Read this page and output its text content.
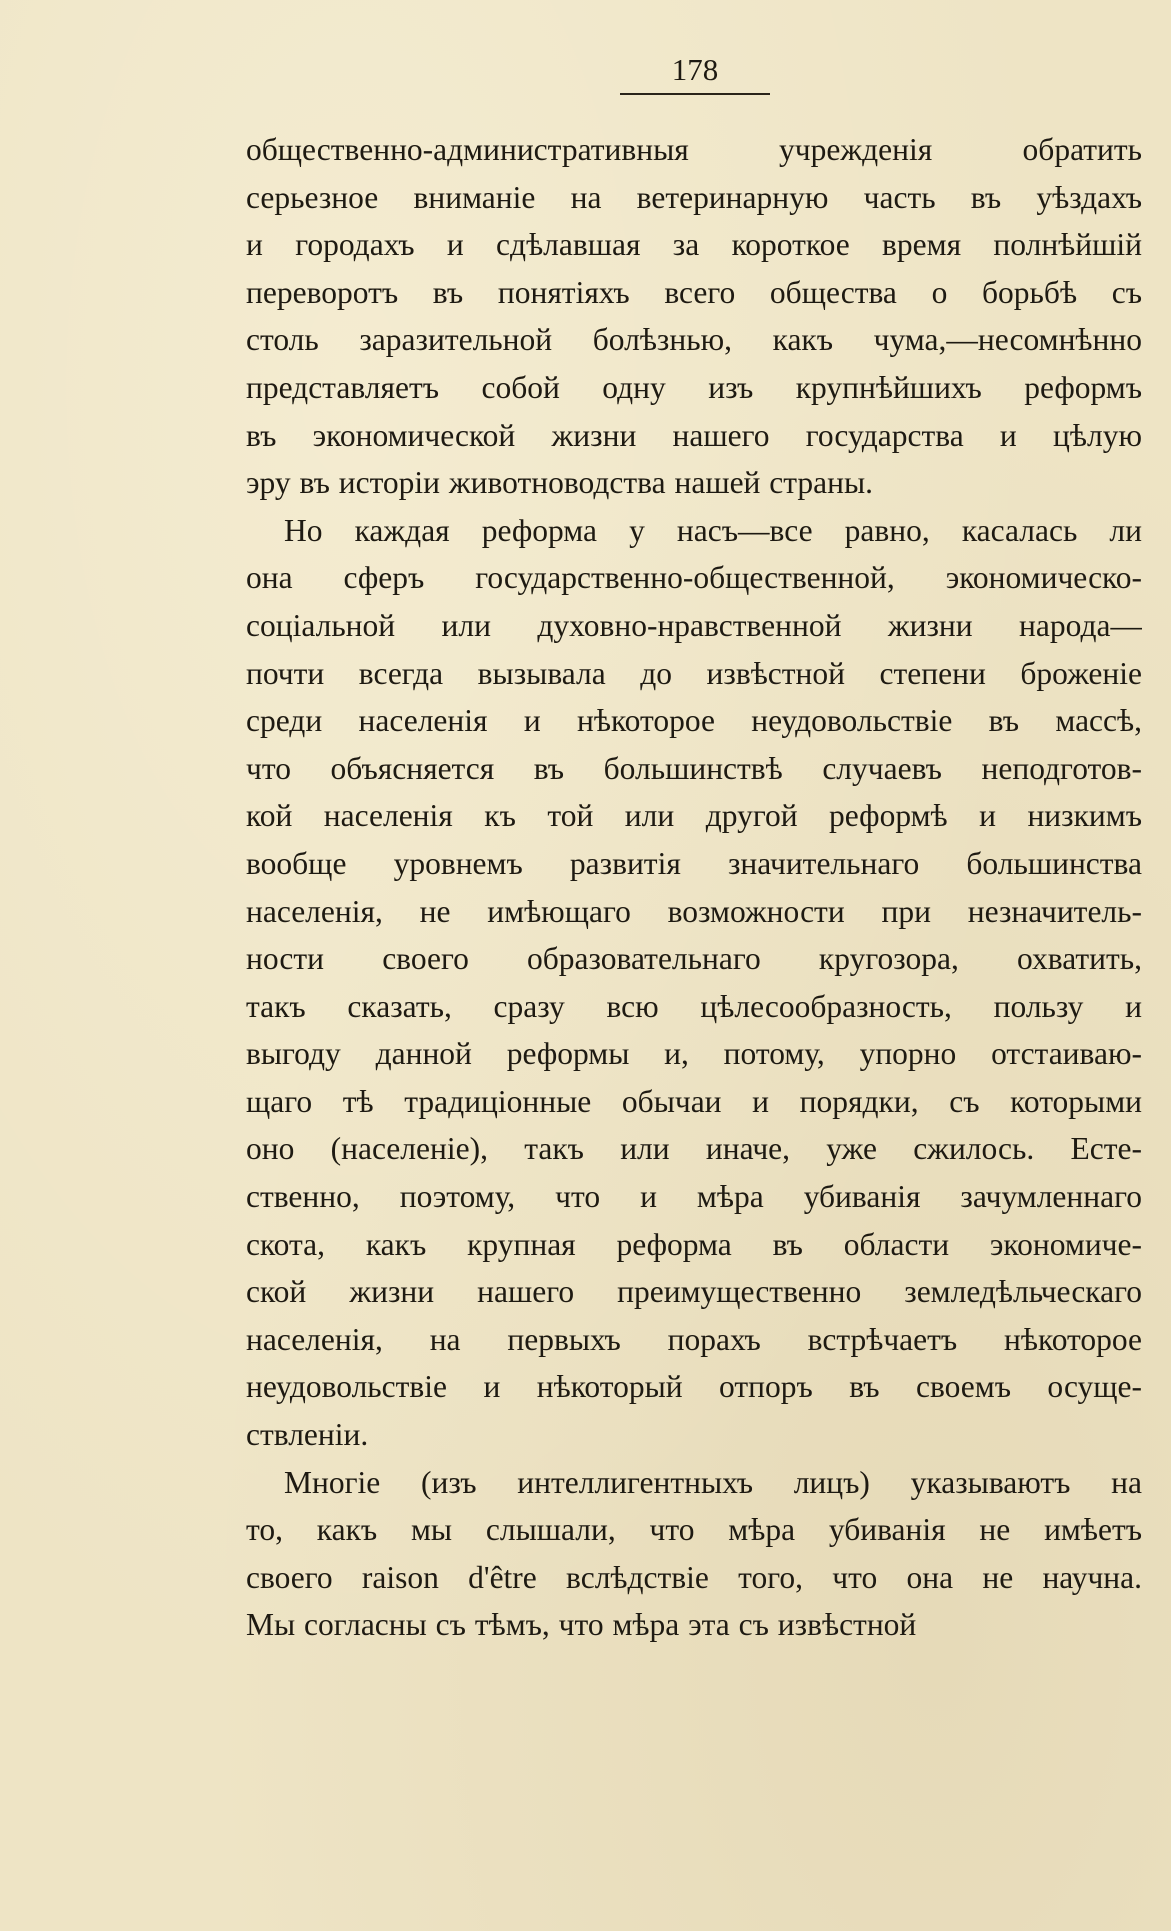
178
общественно-административныя учрежденія обратить
серьезное вниманіе на ветеринарную часть въ уѣздахъ
и городахъ и сдѣлавшая за короткое время полнѣйшій
переворотъ въ понятіяхъ всего общества о борьбѣ съ
столь заразительной болѣзнью, какъ чума,—несомнѣнно
представляетъ собой одну изъ крупнѣйшихъ реформъ
въ экономической жизни нашего государства и цѣлую
эру въ исторіи животноводства нашей страны.
Но каждая реформа у насъ—все равно, касалась ли
она сферъ государственно-общественной, экономическо-
соціальной или духовно-нравственной жизни народа—
почти всегда вызывала до извѣстной степени броженіе
среди населенія и нѣкоторое неудовольствіе въ массѣ,
что объясняется въ большинствѣ случаевъ неподготов-
кой населенія къ той или другой реформѣ и низкимъ
вообще уровнемъ развитія значительнаго большинства
населенія, не имѣющаго возможности при незначитель-
ности своего образовательнаго кругозора, охватить,
такъ сказать, сразу всю цѣлесообразность, пользу и
выгоду данной реформы и, потому, упорно отстаиваю-
щаго тѣ традиціонные обычаи и порядки, съ которыми
оно (населеніе), такъ или иначе, уже сжилось. Есте-
ственно, поэтому, что и мѣра убиванія зачумленнаго
скота, какъ крупная реформа въ области экономиче-
ской жизни нашего преимущественно земледѣльческаго
населенія, на первыхъ порахъ встрѣчаетъ нѣкоторое
неудовольствіе и нѣкоторый отпоръ въ своемъ осуще-
ствленіи.
Многіе (изъ интеллигентныхъ лицъ) указываютъ на
то, какъ мы слышали, что мѣра убиванія не имѣетъ
своего raison d'être вслѣдствіе того, что она не научна.
Мы согласны съ тѣмъ, что мѣра эта съ извѣстной
